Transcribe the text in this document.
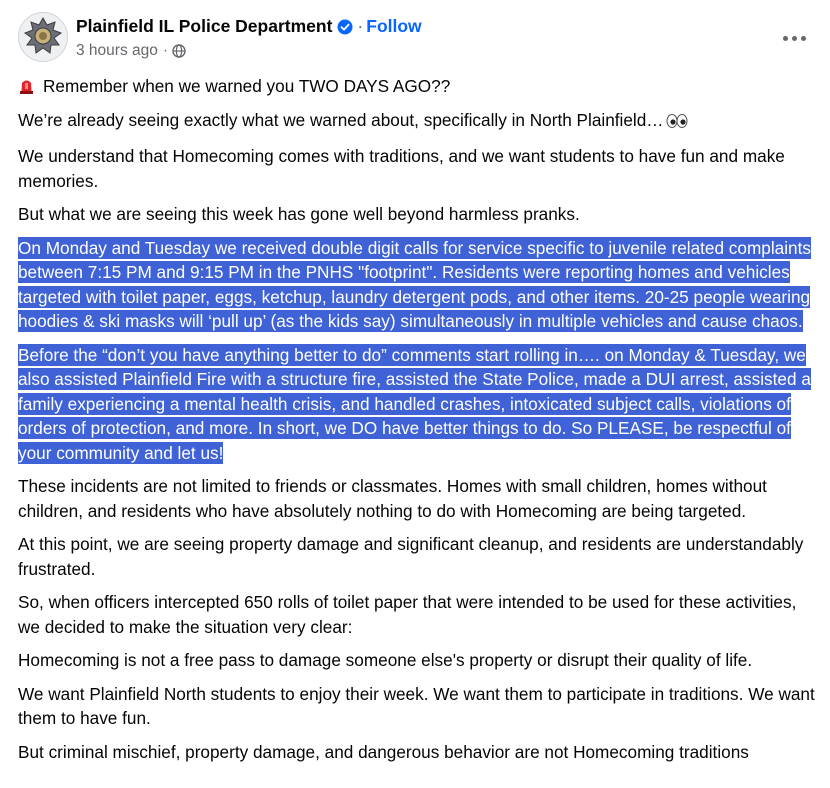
Plainfield IL Police Department · Follow
3 hours ago ·

Remember when we warned you TWO DAYS AGO??

We’re already seeing exactly what we warned about, specifically in North Plainfield…

We understand that Homecoming comes with traditions, and we want students to have fun and make memories.

But what we are seeing this week has gone well beyond harmless pranks.

On Monday and Tuesday we received double digit calls for service specific to juvenile related complaints between 7:15 PM and 9:15 PM in the PNHS "footprint". Residents were reporting homes and vehicles targeted with toilet paper, eggs, ketchup, laundry detergent pods, and other items. 20-25 people wearing hoodies & ski masks will ‘pull up’ (as the kids say) simultaneously in multiple vehicles and cause chaos.

Before the “don’t you have anything better to do” comments start rolling in…. on Monday & Tuesday, we also assisted Plainfield Fire with a structure fire, assisted the State Police, made a DUI arrest, assisted a family experiencing a mental health crisis, and handled crashes, intoxicated subject calls, violations of orders of protection, and more. In short, we DO have better things to do. So PLEASE, be respectful of your community and let us!

These incidents are not limited to friends or classmates. Homes with small children, homes without children, and residents who have absolutely nothing to do with Homecoming are being targeted.

At this point, we are seeing property damage and significant cleanup, and residents are understandably frustrated.

So, when officers intercepted 650 rolls of toilet paper that were intended to be used for these activities, we decided to make the situation very clear:

Homecoming is not a free pass to damage someone else's property or disrupt their quality of life.

We want Plainfield North students to enjoy their week. We want them to participate in traditions. We want them to have fun.

But criminal mischief, property damage, and dangerous behavior are not Homecoming traditions
